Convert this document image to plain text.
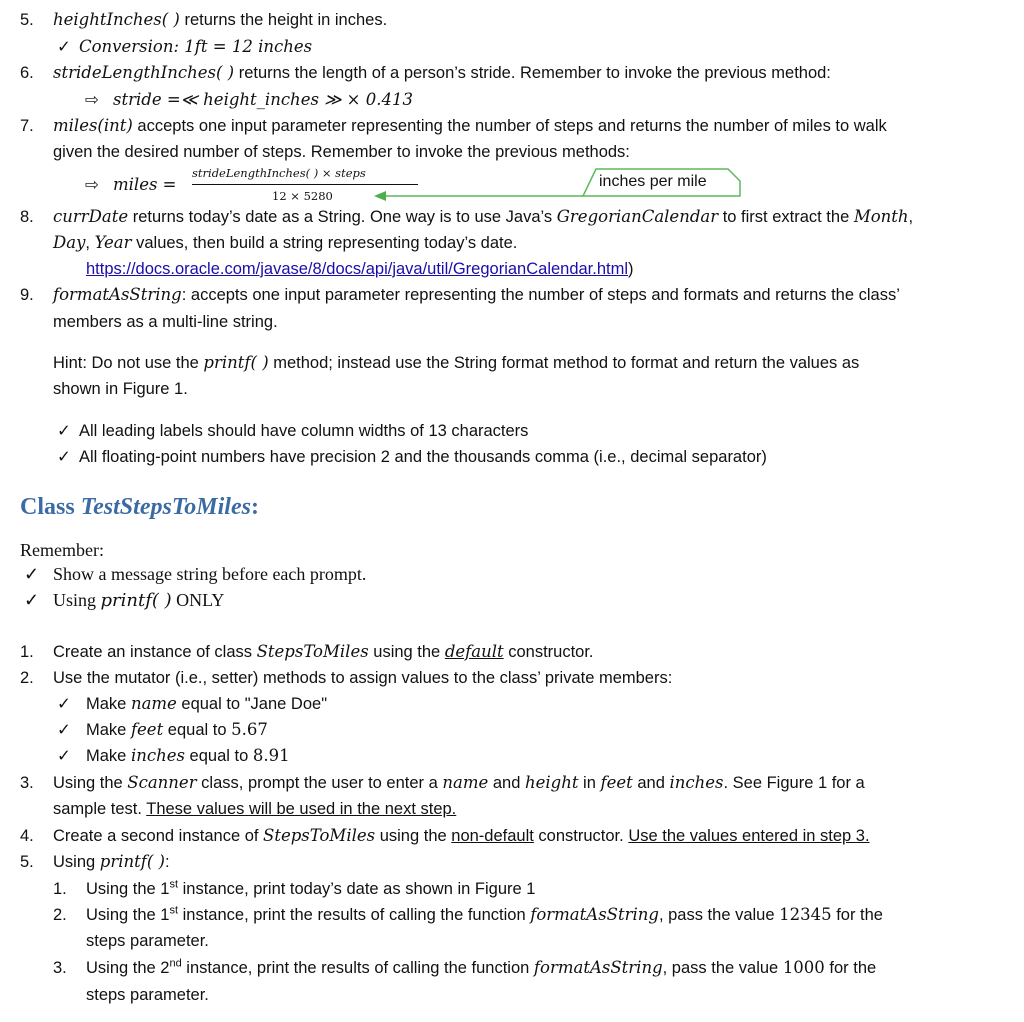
5. heightInches( ) returns the height in inches.
✓ Conversion: 1ft = 12 inches
6. strideLengthInches( ) returns the length of a person’s stride. Remember to invoke the previous method:
⇨ stride =≪ height_inches ≫ × 0.413
7. miles(int) accepts one input parameter representing the number of steps and returns the number of miles to walk
given the desired number of steps. Remember to invoke the previous methods:
⇨ miles =
strideLengthInches( ) × steps
12 × 5280
inches per mile
8. currDate returns today’s date as a String. One way is to use Java’s GregorianCalendar to first extract the Month,
Day, Year values, then build a string representing today’s date.
https://docs.oracle.com/javase/8/docs/api/java/util/GregorianCalendar.html)
9. formatAsString: accepts one input parameter representing the number of steps and formats and returns the class’
members as a multi-line string.
Hint: Do not use the printf( ) method; instead use the String format method to format and return the values as
shown in Figure 1.
✓ All leading labels should have column widths of 13 characters
✓ All floating-point numbers have precision 2 and the thousands comma (i.e., decimal separator)
Class TestStepsToMiles:
Remember:
✓ Show a message string before each prompt.
✓ Using printf( ) ONLY
1. Create an instance of class StepsToMiles using the default constructor.
2. Use the mutator (i.e., setter) methods to assign values to the class’ private members:
✓ Make name equal to "Jane Doe"
✓ Make feet equal to 5.67
✓ Make inches equal to 8.91
3. Using the Scanner class, prompt the user to enter a name and height in feet and inches. See Figure 1 for a
sample test. These values will be used in the next step.
4. Create a second instance of StepsToMiles using the non-default constructor. Use the values entered in step 3.
5. Using printf( ):
1. Using the 1st instance, print today’s date as shown in Figure 1
2. Using the 1st instance, print the results of calling the function formatAsString, pass the value 12345 for the
steps parameter.
3. Using the 2nd instance, print the results of calling the function formatAsString, pass the value 1000 for the
steps parameter.
